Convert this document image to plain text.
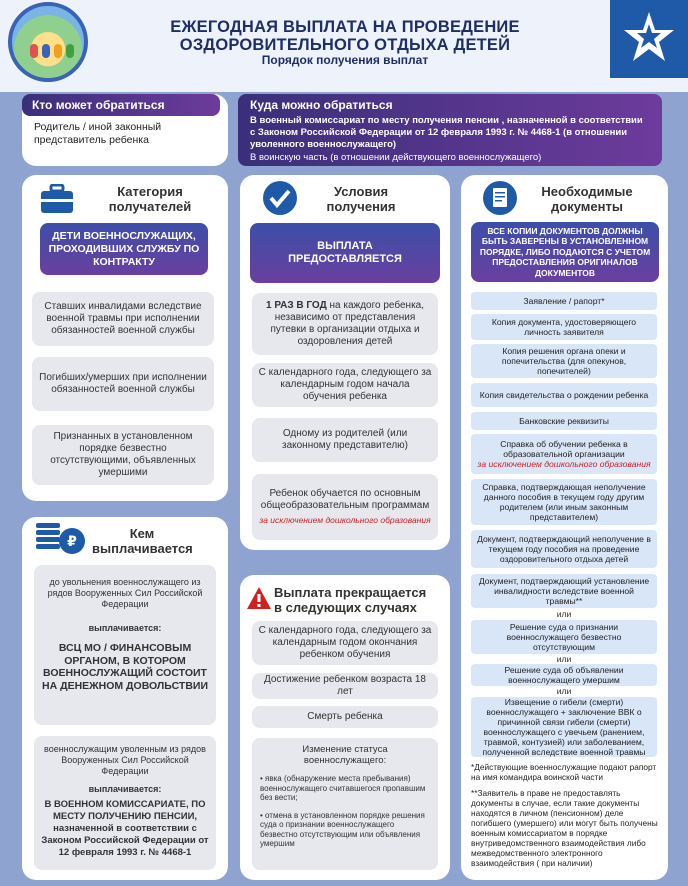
ЕЖЕГОДНАЯ ВЫПЛАТА НА ПРОВЕДЕНИЕ
ОЗДОРОВИТЕЛЬНОГО ОТДЫХА ДЕТЕЙ
Порядок получения выплат
Кто может обратиться
Родитель / иной законный представитель ребенка
Куда можно обратиться
В военный комиссариат по месту получения пенсии , назначенной в соответствии с Законом Российской Федерации от 12 февраля 1993 г. № 4468-1 (в отношении уволенного военнослужащего)
В воинскую часть (в отношении действующего военнослужащего)
Категория получателей
ДЕТИ ВОЕННОСЛУЖАЩИХ, ПРОХОДИВШИХ СЛУЖБУ ПО КОНТРАКТУ
Ставших инвалидами вследствие военной травмы при исполнении обязанностей военной службы
Погибших/умерших при исполнении обязанностей военной службы
Признанных в установленном порядке безвестно отсутствующими, объявленных умершими
Условия получения
ВЫПЛАТА ПРЕДОСТАВЛЯЕТСЯ
1 РАЗ В ГОД на каждого ребенка, независимо от представления путевки в организации отдыха и оздоровления детей
С календарного года, следующего за календарным годом начала обучения ребенка
Одному из родителей (или законному представителю)
Ребенок обучается по основным общеобразовательным программам
за исключением дошкольного образования
Необходимые документы
ВСЕ КОПИИ ДОКУМЕНТОВ ДОЛЖНЫ БЫТЬ ЗАВЕРЕНЫ В УСТАНОВЛЕННОМ ПОРЯДКЕ, ЛИБО ПОДАЮТСЯ С УЧЕТОМ ПРЕДОСТАВЛЕНИЯ ОРИГИНАЛОВ ДОКУМЕНТОВ
Заявление / рапорт*
Копия документа, удостоверяющего личность заявителя
Копия решения органа опеки и попечительства (для опекунов, попечителей)
Копия свидетельства о рождении ребенка
Банковские реквизиты
Справка об обучении ребенка в образовательной организации
за исключением дошкольного образования
Справка, подтверждающая неполучение данного пособия в текущем году другим родителем (или иным законным представителем)
Документ, подтверждающий неполучение в текущем году пособия на проведение оздоровительного отдыха детей
Документ, подтверждающий установление инвалидности вследствие военной травмы**
или
Решение суда о признании военнослужащего безвестно отсутствующим
или
Решение суда об объявлении военнослужащего умершим
или
Извещение о гибели (смерти) военнослужащего + заключение ВВК о причинной связи гибели (смерти) военнослужащего с увечьем (ранением, травмой, контузией) или заболеванием, полученной вследствие военной травмы
*Действующие военнослужащие подают рапорт на имя командира воинской части
**Заявитель в праве не предоставлять документы в случае, если такие документы находятся в личном (пенсионном) деле погибшего (умершего) или могут быть получены военным комиссариатом в порядке внутриведомственного взаимодействия либо межведомственного электронного взаимодействия ( при наличии)
₽
Кем выплачивается
до увольнения военнослужащего из рядов Вооруженных Сил Российской Федерации
выплачивается:
ВСЦ МО / ФИНАНСОВЫМ ОРГАНОМ, В КОТОРОМ ВОЕННОСЛУЖАЩИЙ СОСТОИТ НА ДЕНЕЖНОМ ДОВОЛЬСТВИИ
военнослужащим уволенным из рядов Вооруженных Сил Российской Федерации
выплачивается:
В ВОЕННОМ КОМИССАРИАТЕ, ПО МЕСТУ ПОЛУЧЕНИЮ ПЕНСИИ, назначенной в соответствии с Законом Российской Федерации от 12 февраля 1993 г. № 4468-1
Выплата прекращается в следующих случаях
С календарного года, следующего за календарным годом окончания ребенком обучения
Достижение ребенком возраста 18 лет
Смерть ребенка
Изменение статуса военнослужащего:
• явка (обнаружение места пребывания) военнослужащего считавшегося пропавшим без вести;
• отмена в установленном порядке решения суда о признании военнослужащего безвестно отсутствующим или объявления умершим
